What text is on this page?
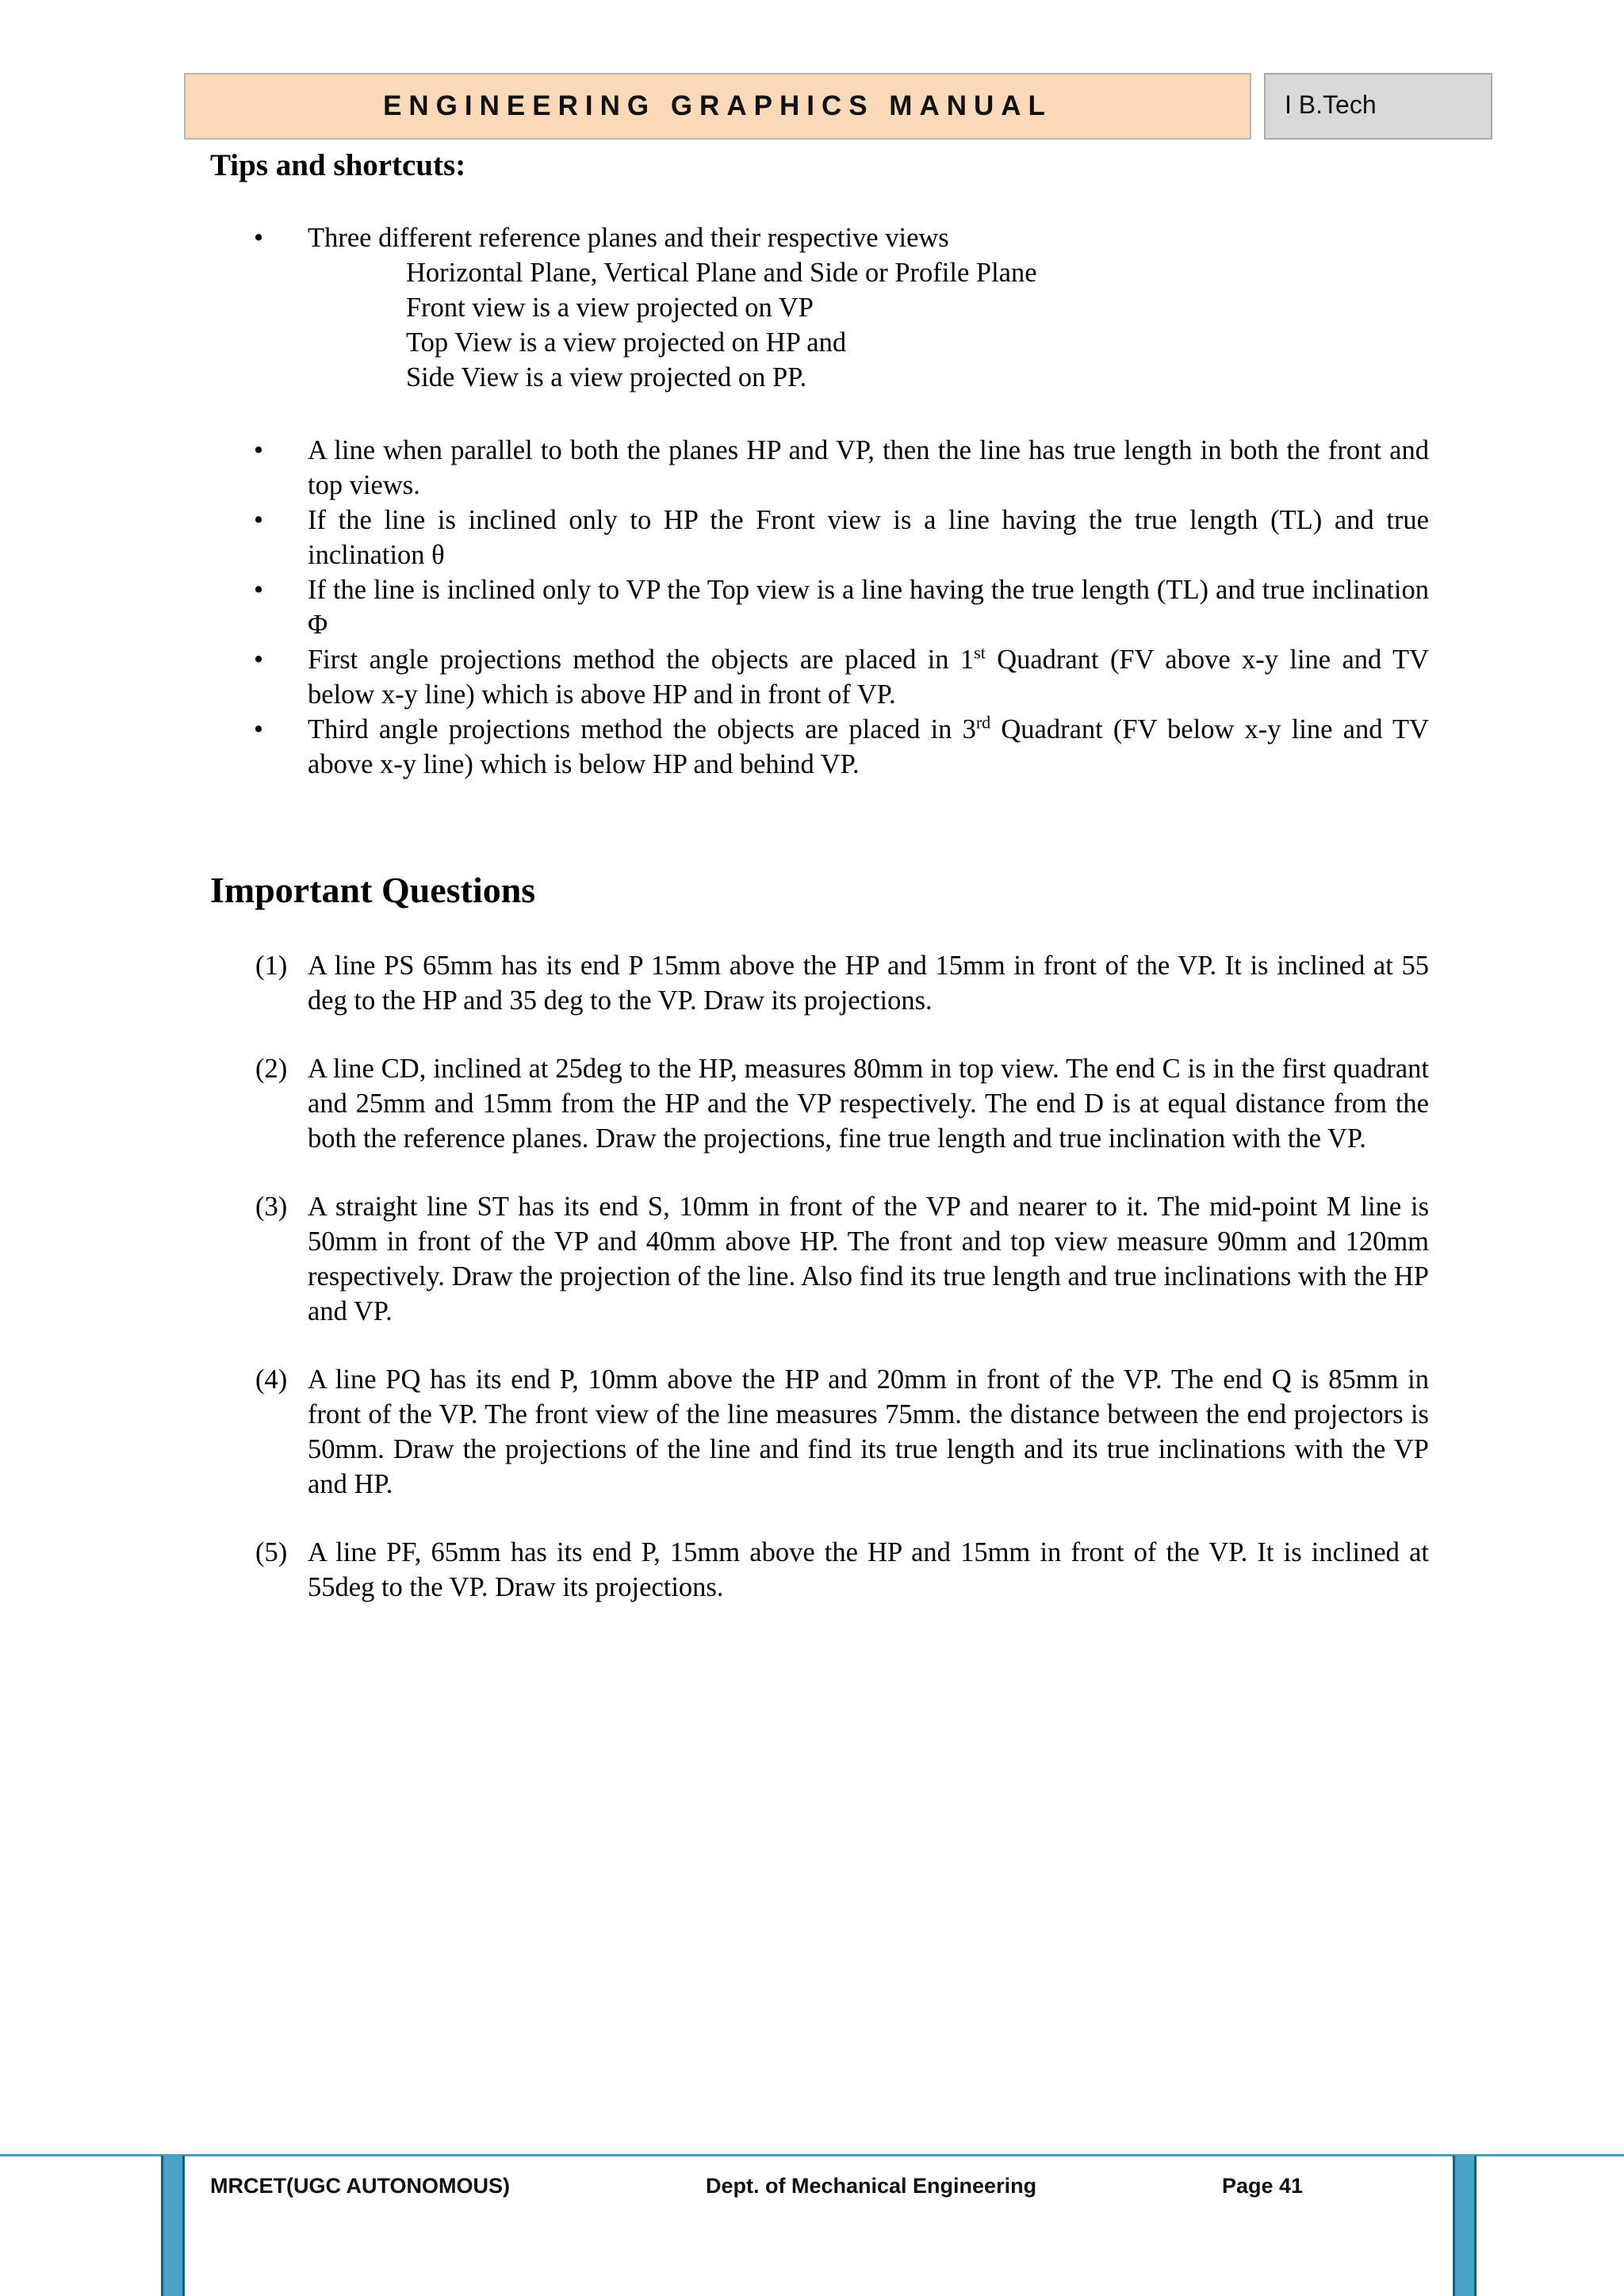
ENGINEERING GRAPHICS MANUAL	I B.Tech
Tips and shortcuts:
• Three different reference planes and their respective views
Horizontal Plane, Vertical Plane and Side or Profile Plane
Front view is a view projected on VP
Top View is a view projected on HP and
Side View is a view projected on PP.
• A line when parallel to both the planes HP and VP, then the line has true length in both the front and top views.
• If the line is inclined only to HP the Front view is a line having the true length (TL) and true inclination θ
• If the line is inclined only to VP the Top view is a line having the true length (TL) and true inclination Φ
• First angle projections method the objects are placed in 1st Quadrant (FV above x-y line and TV below x-y line) which is above HP and in front of VP.
• Third angle projections method the objects are placed in 3rd Quadrant (FV below x-y line and TV above x-y line) which is below HP and behind VP.
Important Questions
(1) A line PS 65mm has its end P 15mm above the HP and 15mm in front of the VP. It is inclined at 55 deg to the HP and 35 deg to the VP. Draw its projections.
(2) A line CD, inclined at 25deg to the HP, measures 80mm in top view. The end C is in the first quadrant and 25mm and 15mm from the HP and the VP respectively. The end D is at equal distance from the both the reference planes. Draw the projections, fine true length and true inclination with the VP.
(3) A straight line ST has its end S, 10mm in front of the VP and nearer to it. The mid-point M line is 50mm in front of the VP and 40mm above HP. The front and top view measure 90mm and 120mm respectively. Draw the projection of the line. Also find its true length and true inclinations with the HP and VP.
(4) A line PQ has its end P, 10mm above the HP and 20mm in front of the VP. The end Q is 85mm in front of the VP. The front view of the line measures 75mm. the distance between the end projectors is 50mm. Draw the projections of the line and find its true length and its true inclinations with the VP and HP.
(5) A line PF, 65mm has its end P, 15mm above the HP and 15mm in front of the VP. It is inclined at 55deg to the VP. Draw its projections.
MRCET(UGC AUTONOMOUS)	Dept. of Mechanical Engineering	Page 41
